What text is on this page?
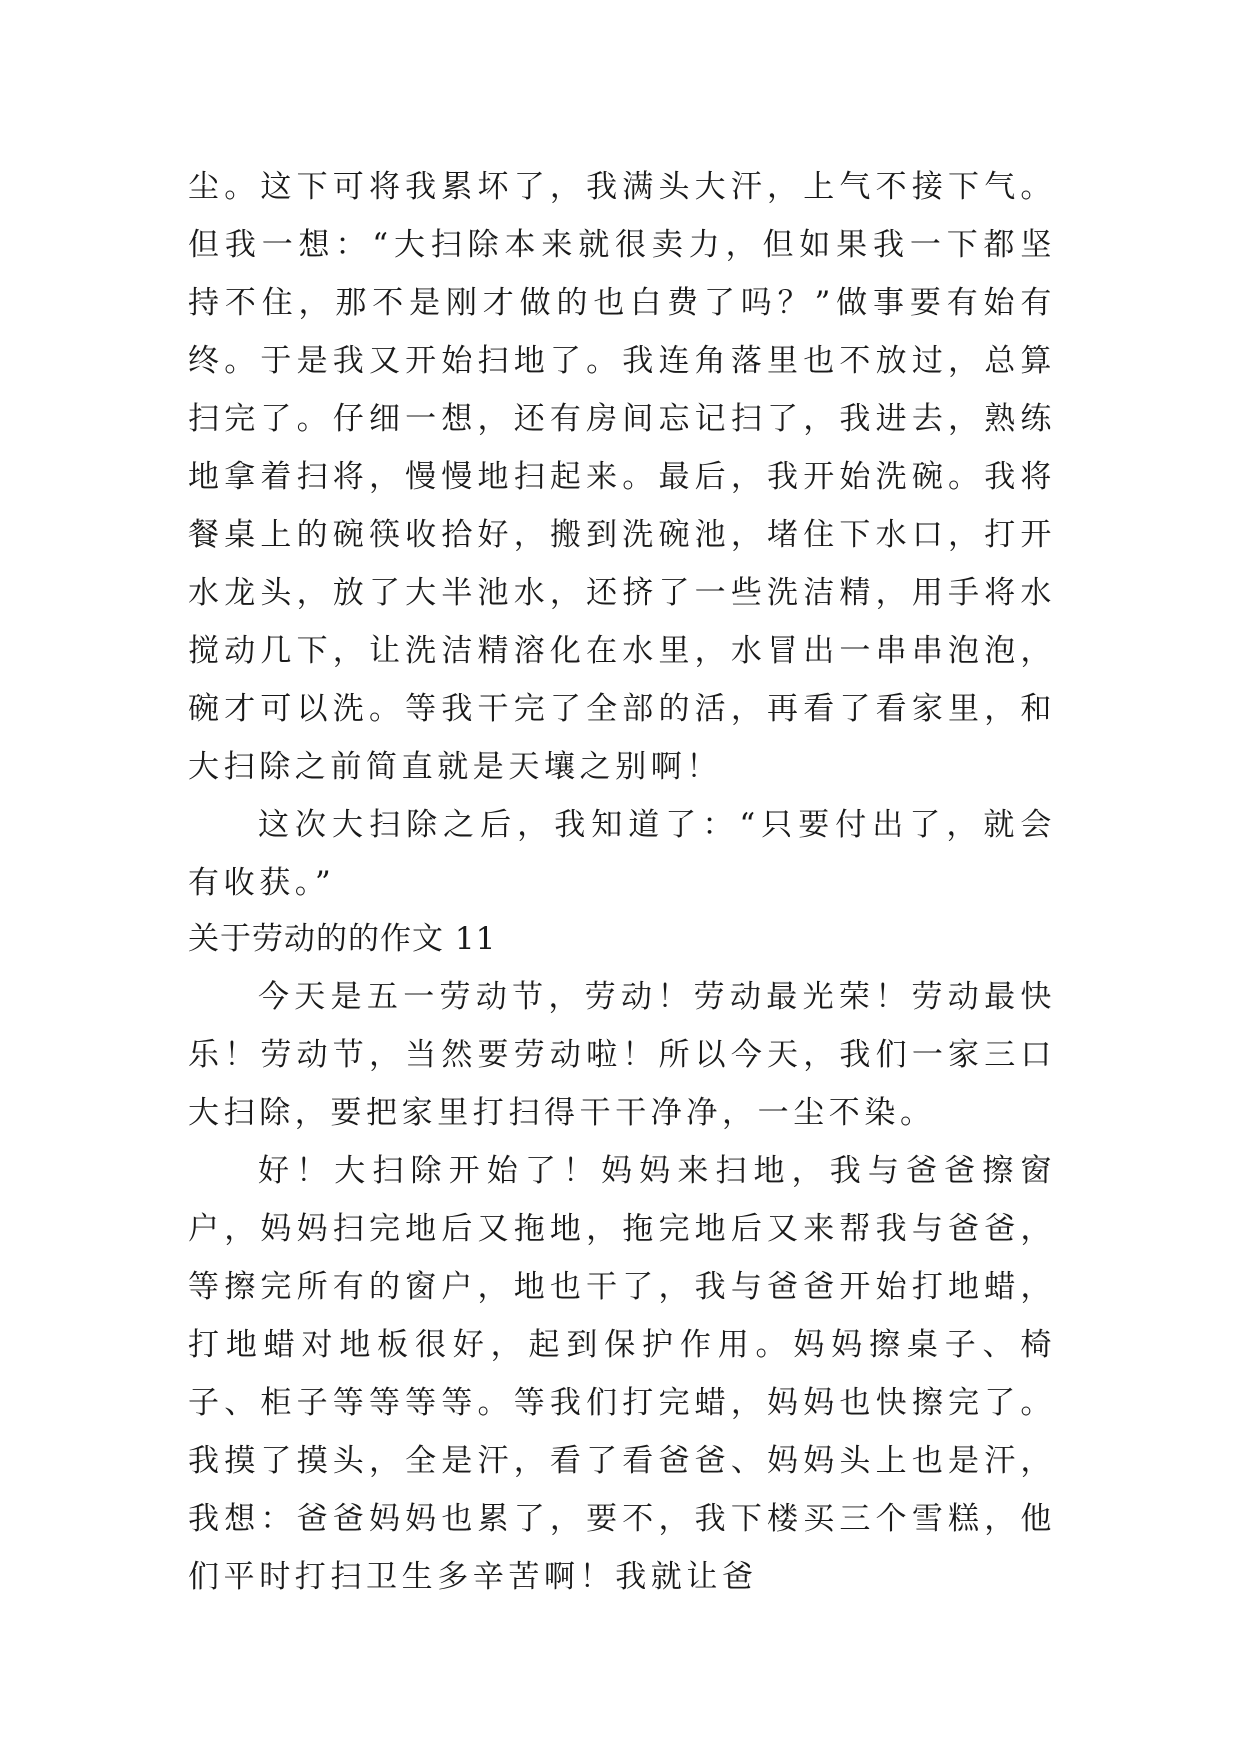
尘。这下可将我累坏了，我满头大汗，上气不接下气。但我一想：“大扫除本来就很卖力，但如果我一下都坚持不住，那不是刚才做的也白费了吗？”做事要有始有终。于是我又开始扫地了。我连角落里也不放过，总算扫完了。仔细一想，还有房间忘记扫了，我进去，熟练地拿着扫将，慢慢地扫起来。最后，我开始洗碗。我将餐桌上的碗筷收拾好，搬到洗碗池，堵住下水口，打开水龙头，放了大半池水，还挤了一些洗洁精，用手将水搅动几下，让洗洁精溶化在水里，水冒出一串串泡泡，碗才可以洗。等我干完了全部的活，再看了看家里，和大扫除之前简直就是天壤之别啊！

这次大扫除之后，我知道了：“只要付出了，就会有收获。”

关于劳动的的作文 11

今天是五一劳动节，劳动！劳动最光荣！劳动最快乐！劳动节，当然要劳动啦！所以今天，我们一家三口大扫除，要把家里打扫得干干净净，一尘不染。

好！大扫除开始了！妈妈来扫地，我与爸爸擦窗户，妈妈扫完地后又拖地，拖完地后又来帮我与爸爸，等擦完所有的窗户，地也干了，我与爸爸开始打地蜡，打地蜡对地板很好，起到保护作用。妈妈擦桌子、椅子、柜子等等等等。等我们打完蜡，妈妈也快擦完了。我摸了摸头，全是汗，看了看爸爸、妈妈头上也是汗，我想：爸爸妈妈也累了，要不，我下楼买三个雪糕，他们平时打扫卫生多辛苦啊！我就让爸
